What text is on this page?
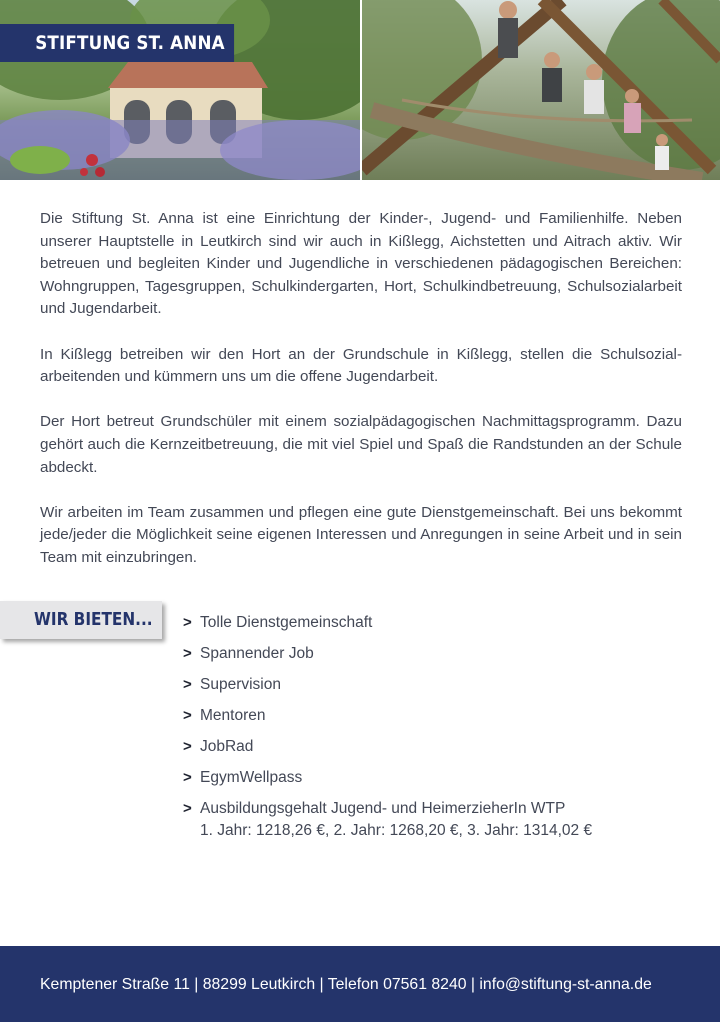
STIFTUNG ST. ANNA

Die Stiftung St. Anna ist eine Einrichtung der Kinder-, Jugend- und Familienhilfe. Neben unserer Hauptstelle in Leutkirch sind wir auch in Kißlegg, Aichstetten und Aitrach aktiv. Wir betreuen und begleiten Kinder und Jugendliche in verschiedenen pädagogischen Bereichen: Wohngruppen, Tagesgruppen, Schulkindergarten, Hort, Schulkindbetreuung, Schulsozialarbeit und Jugendarbeit.

In Kißlegg betreiben wir den Hort an der Grundschule in Kißlegg, stellen die Schulsozialarbeitenden und kümmern uns um die offene Jugendarbeit.

Der Hort betreut Grundschüler mit einem sozialpädagogischen Nachmittagsprogramm. Dazu gehört auch die Kernzeitbetreuung, die mit viel Spiel und Spaß die Randstunden an der Schule abdeckt.

Wir arbeiten im Team zusammen und pflegen eine gute Dienstgemeinschaft. Bei uns bekommt jede/jeder die Möglichkeit seine eigenen Interessen und Anregungen in seine Arbeit und in sein Team mit einzubringen.

WIR BIETEN... > Tolle Dienstgemeinschaft
> Spannender Job
> Supervision
> Mentoren
> JobRad
> EgymWellpass
> Ausbildungsgehalt Jugend- und HeimerzieherIn WTP
1. Jahr: 1218,26 €, 2. Jahr: 1268,20 €, 3. Jahr: 1314,02 €
Kemptener Straße 11 | 88299 Leutkirch | Telefon 07561 8240 | info@stiftung-st-anna.de
